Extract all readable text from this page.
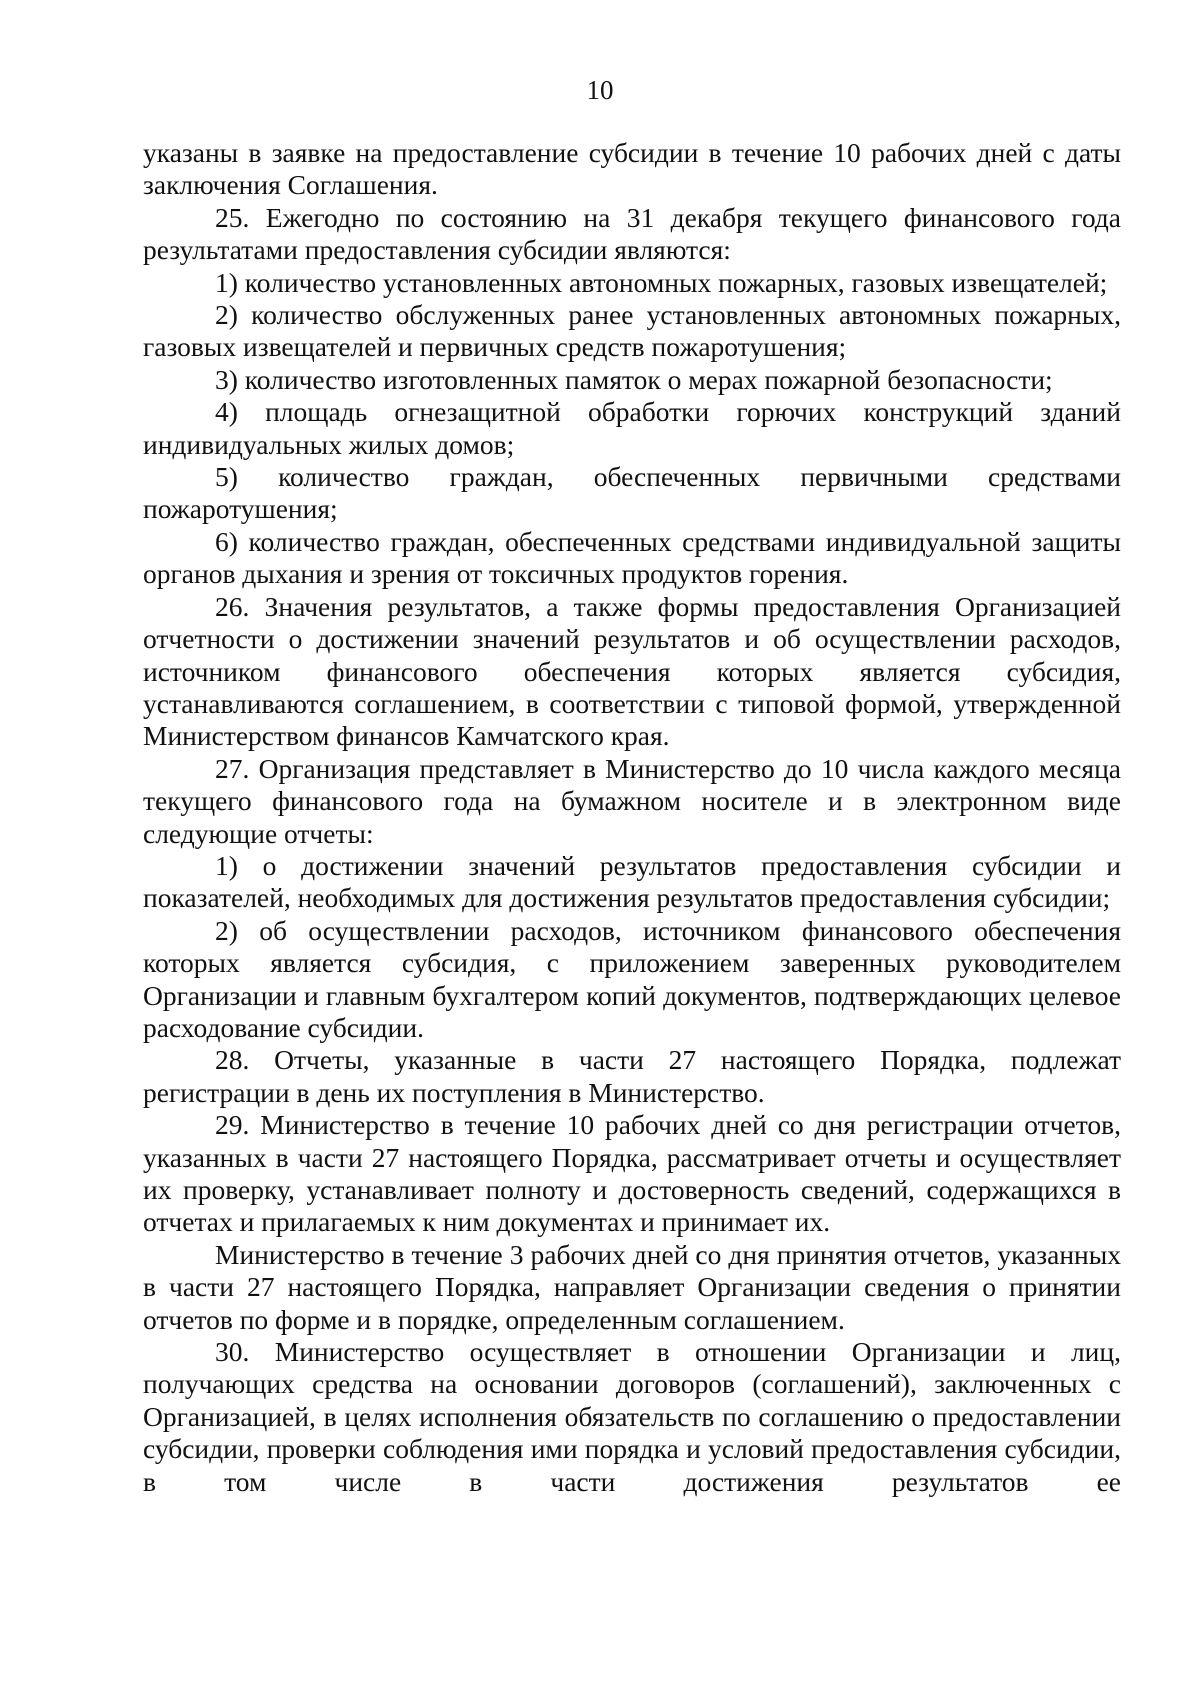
10

указаны в заявке на предоставление субсидии в течение 10 рабочих дней с даты заключения Соглашения.

25. Ежегодно по состоянию на 31 декабря текущего финансового года результатами предоставления субсидии являются:

1) количество установленных автономных пожарных, газовых извещателей;

2) количество обслуженных ранее установленных автономных пожарных, газовых извещателей и первичных средств пожаротушения;

3) количество изготовленных памяток о мерах пожарной безопасности;

4) площадь огнезащитной обработки горючих конструкций зданий индивидуальных жилых домов;

5) количество граждан, обеспеченных первичными средствами пожаротушения;

6) количество граждан, обеспеченных средствами индивидуальной защиты органов дыхания и зрения от токсичных продуктов горения.

26. Значения результатов, а также формы предоставления Организацией отчетности о достижении значений результатов и об осуществлении расходов, источником финансового обеспечения которых является субсидия, устанавливаются соглашением, в соответствии с типовой формой, утвержденной Министерством финансов Камчатского края.

27. Организация представляет в Министерство до 10 числа каждого месяца текущего финансового года на бумажном носителе и в электронном виде следующие отчеты:

1) о достижении значений результатов предоставления субсидии и показателей, необходимых для достижения результатов предоставления субсидии;

2) об осуществлении расходов, источником финансового обеспечения которых является субсидия, с приложением заверенных руководителем Организации и главным бухгалтером копий документов, подтверждающих целевое расходование субсидии.

28. Отчеты, указанные в части 27 настоящего Порядка, подлежат регистрации в день их поступления в Министерство.

29. Министерство в течение 10 рабочих дней со дня регистрации отчетов, указанных в части 27 настоящего Порядка, рассматривает отчеты и осуществляет их проверку, устанавливает полноту и достоверность сведений, содержащихся в отчетах и прилагаемых к ним документах и принимает их.

Министерство в течение 3 рабочих дней со дня принятия отчетов, указанных в части 27 настоящего Порядка, направляет Организации сведения о принятии отчетов по форме и в порядке, определенным соглашением.

30. Министерство осуществляет в отношении Организации и лиц, получающих средства на основании договоров (соглашений), заключенных с Организацией, в целях исполнения обязательств по соглашению о предоставлении субсидии, проверки соблюдения ими порядка и условий предоставления субсидии, в том числе в части достижения результатов ее
